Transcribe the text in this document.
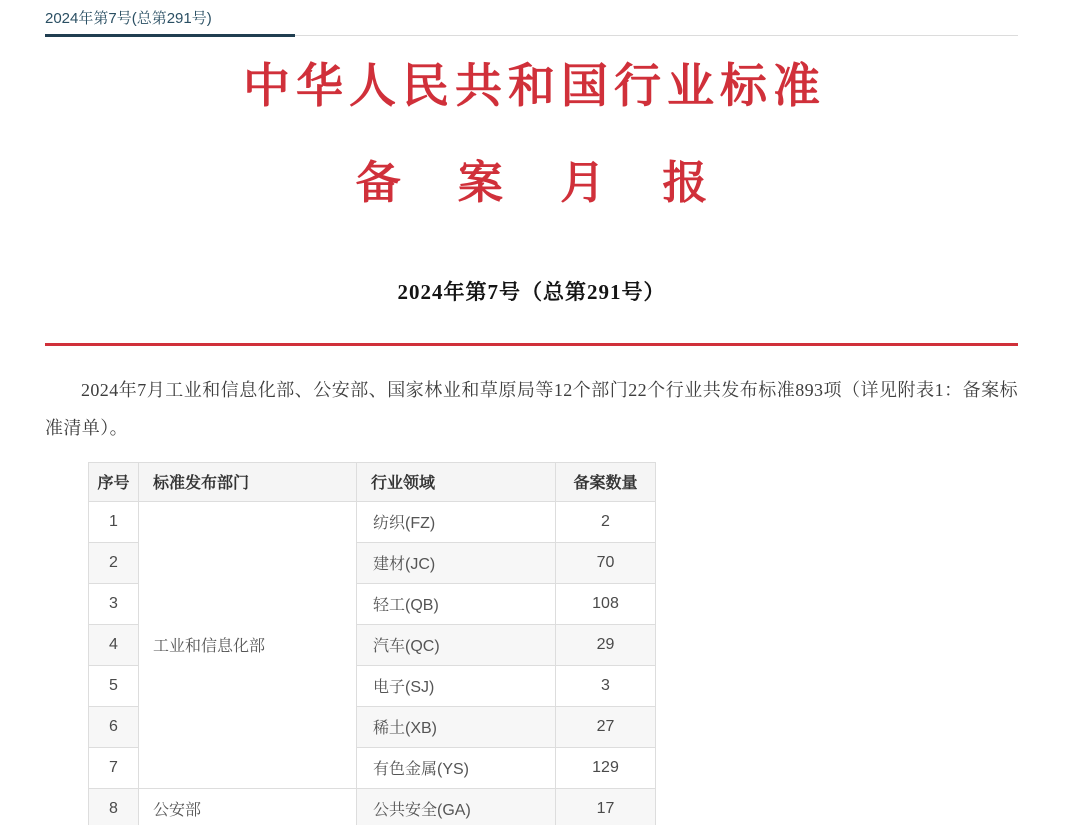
2024年第7号(总第291号)
中华人民共和国行业标准
备 案 月 报

2024年第7号（总第291号）

2024年7月工业和信息化部、公安部、国家林业和草原局等12个部门22个行业共发布标准893项（详见附表1：备案标准清单）。

序号	标准发布部门	行业领域	备案数量
1	工业和信息化部	纺织(FZ)	2
2		建材(JC)	70
3		轻工(QB)	108
4		汽车(QC)	29
5		电子(SJ)	3
6		稀土(XB)	27
7		有色金属(YS)	129
8	公安部	公共安全(GA)	17
